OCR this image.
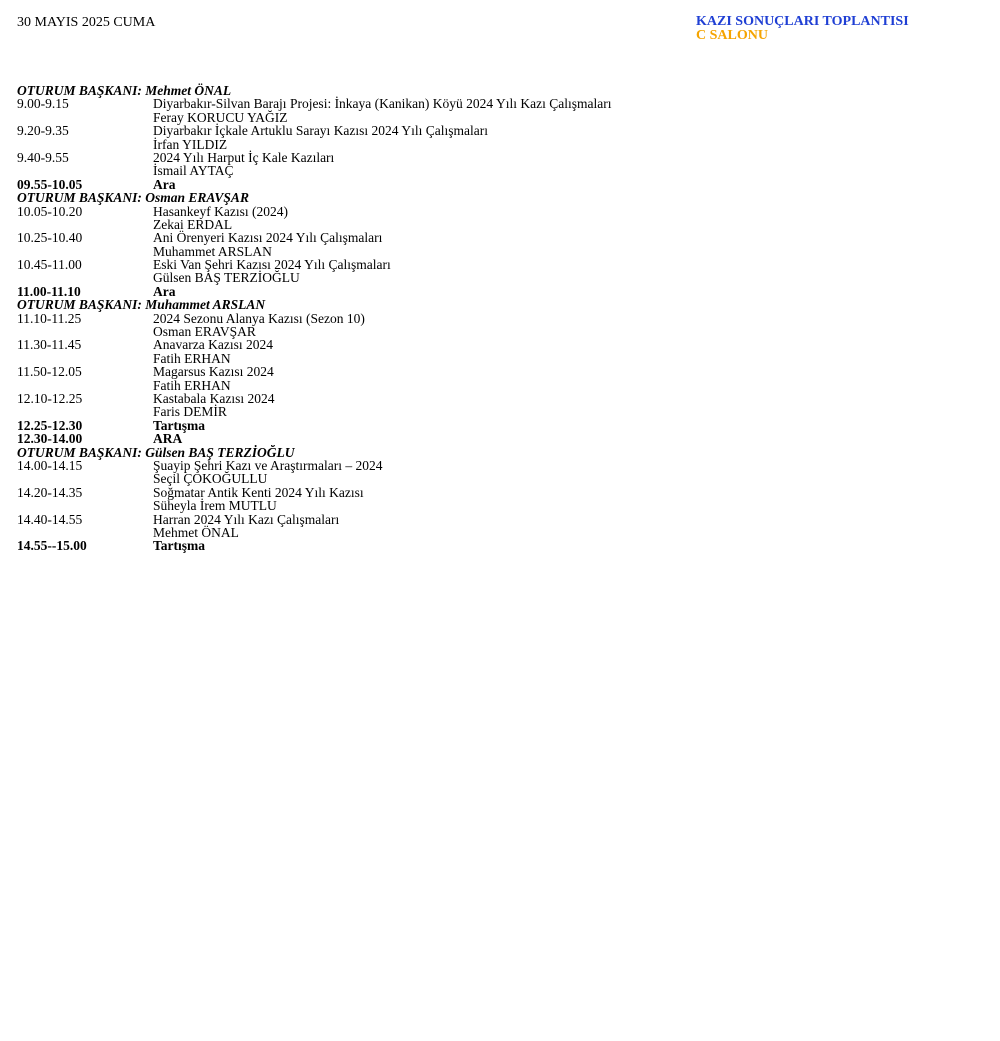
30 MAYIS 2025 CUMA	KAZI SONUÇLARI TOPLANTISI
C SALONU
OTURUM BAŞKANI: Mehmet ÖNAL
9.00-9.15	Diyarbakır-Silvan Barajı Projesi: İnkaya (Kanikan) Köyü 2024 Yılı Kazı Çalışmaları
Feray KORUCU YAĞIZ
9.20-9.35	Diyarbakır İçkale Artuklu Sarayı Kazısı 2024 Yılı Çalışmaları
İrfan YILDIZ
9.40-9.55	2024 Yılı Harput İç Kale Kazıları
İsmail AYTAÇ
09.55-10.05	Ara
OTURUM BAŞKANI: Osman ERAVŞAR
10.05-10.20	Hasankeyf Kazısı (2024)
Zekai ERDAL
10.25-10.40	Ani Örenyeri Kazısı 2024 Yılı Çalışmaları
Muhammet ARSLAN
10.45-11.00	Eski Van Şehri Kazısı 2024 Yılı Çalışmaları
Gülsen BAŞ TERZİOĞLU
11.00-11.10	Ara
OTURUM BAŞKANI: Muhammet ARSLAN
11.10-11.25	2024 Sezonu Alanya Kazısı (Sezon 10)
Osman ERAVŞAR
11.30-11.45	Anavarza Kazısı 2024
Fatih ERHAN
11.50-12.05	Magarsus Kazısı 2024
Fatih ERHAN
12.10-12.25	Kastabala Kazısı 2024
Faris DEMİR
12.25-12.30	Tartışma
12.30-14.00	ARA
OTURUM BAŞKANI: Gülsen BAŞ TERZİOĞLU
14.00-14.15	Şuayip Şehri Kazı ve Araştırmaları – 2024
Seçil ÇOKOĞULLU
14.20-14.35	Soğmatar Antik Kenti 2024 Yılı Kazısı
Süheyla İrem MUTLU
14.40-14.55	Harran 2024 Yılı Kazı Çalışmaları
Mehmet ÖNAL
14.55--15.00	Tartışma
